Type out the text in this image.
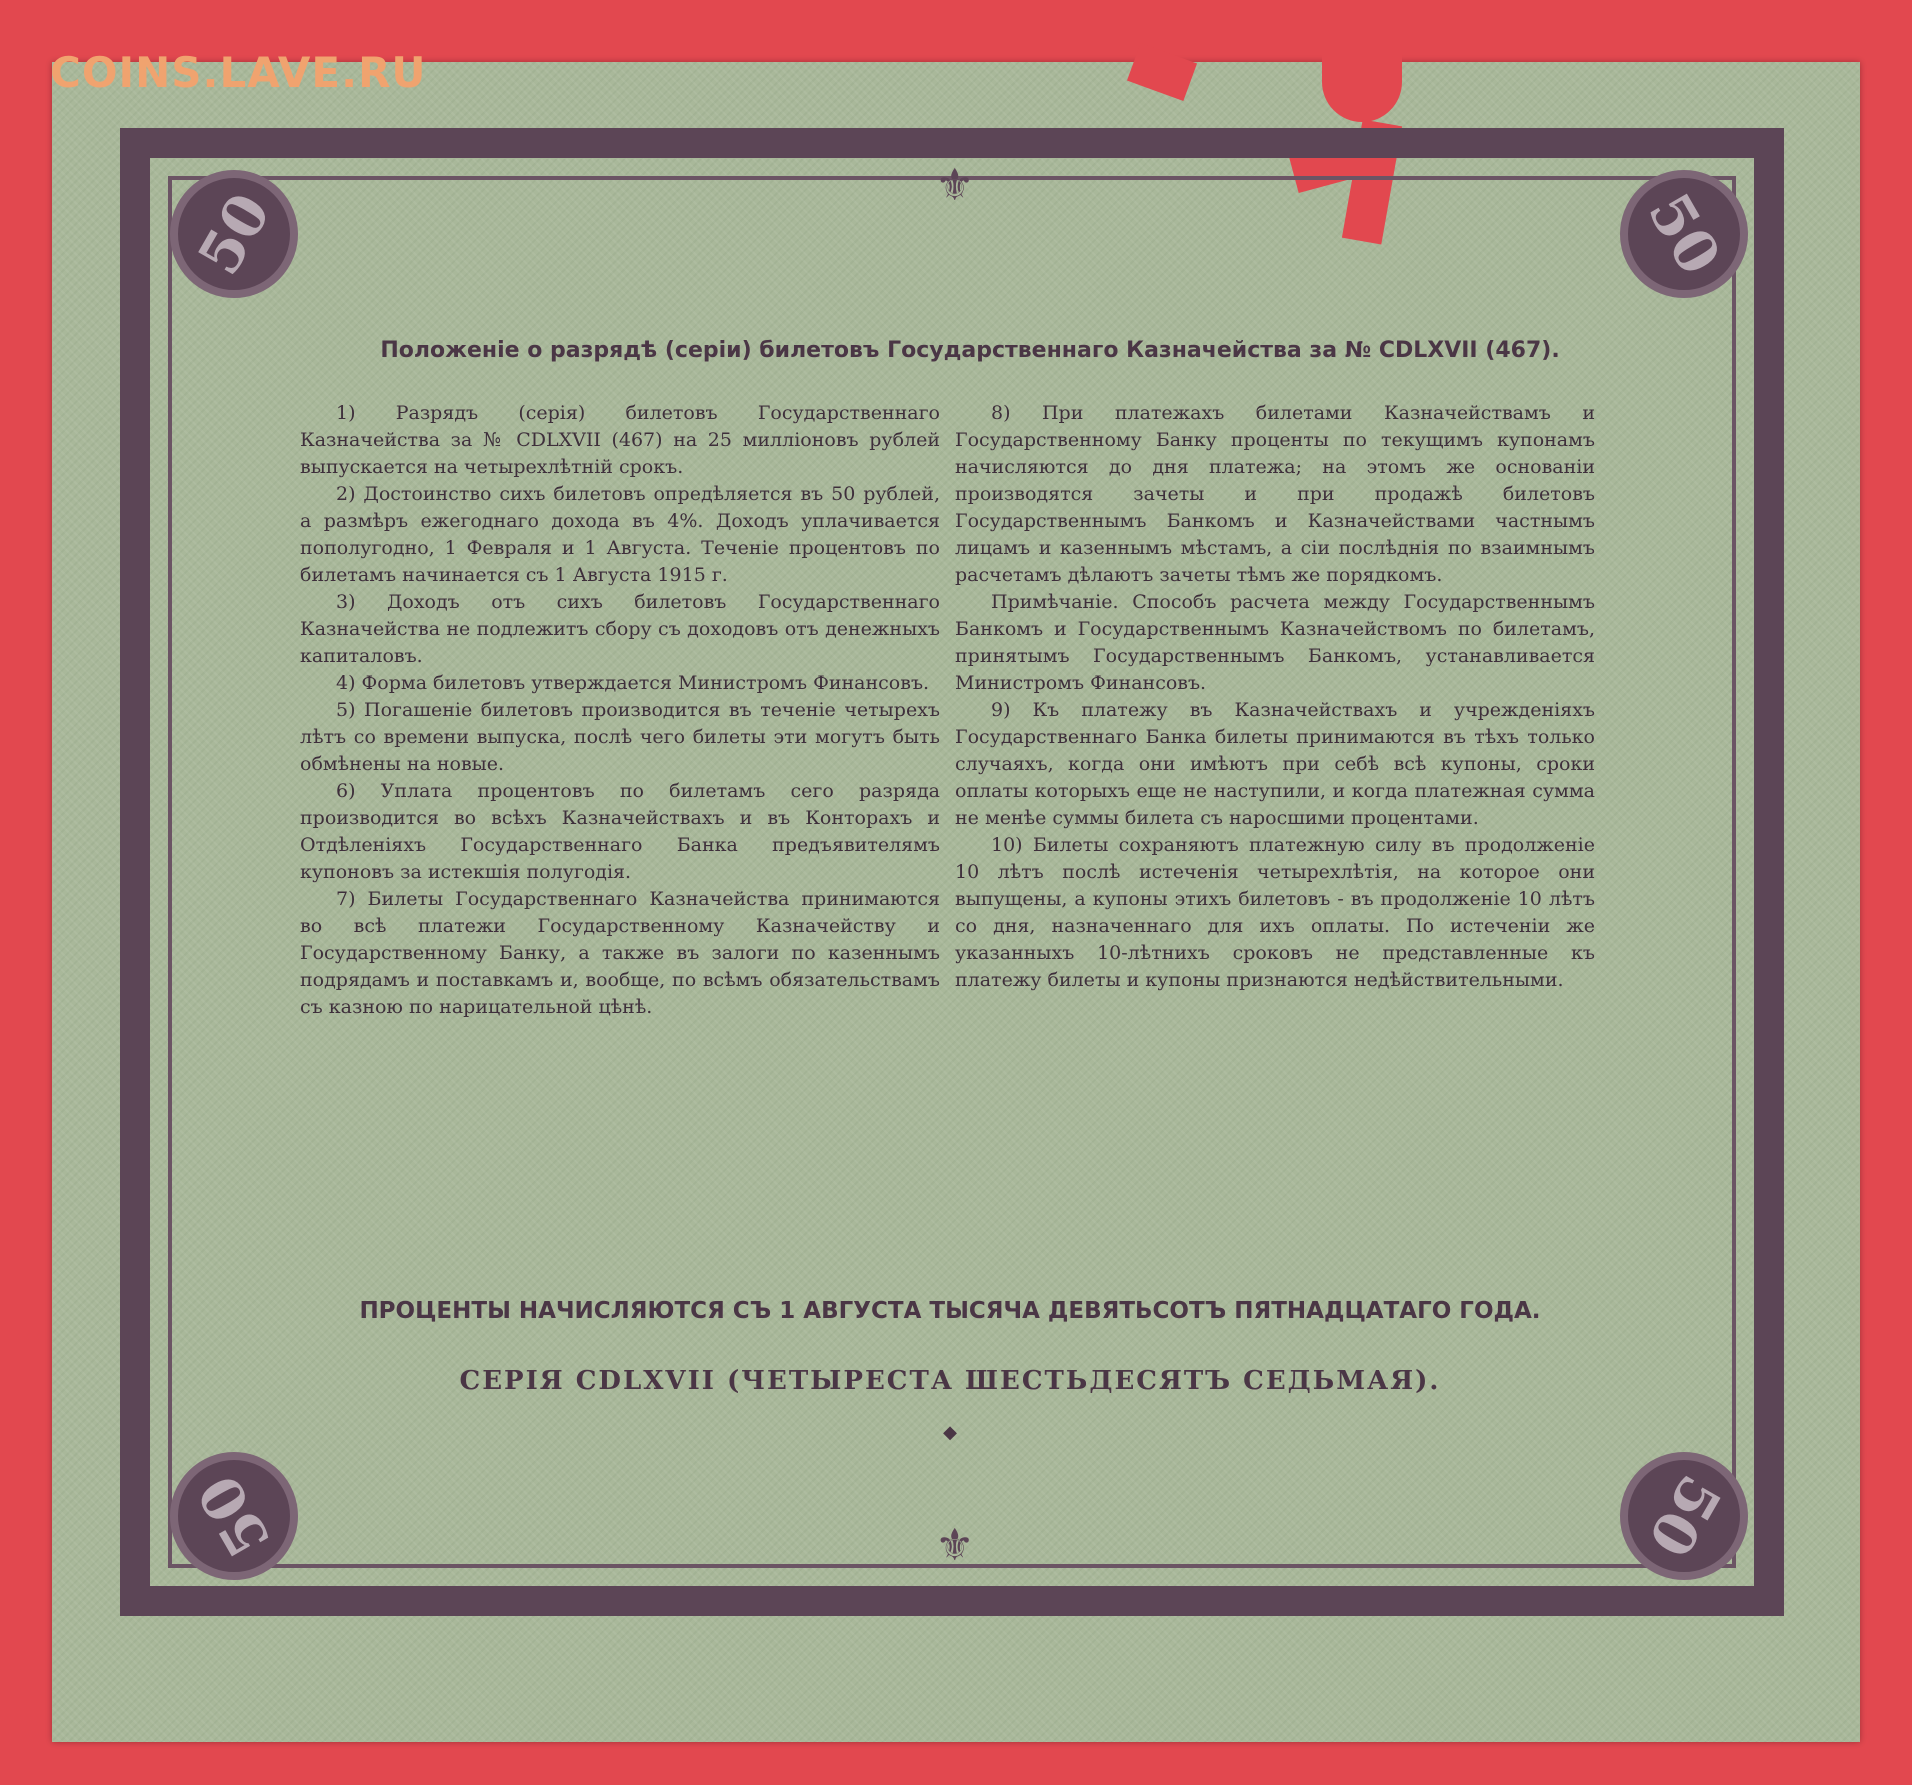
COINS.LAVE.RU
50	50
50	50
⚜
⚜
Положеніе о разрядѣ (серіи) билетовъ Государственнаго Казначейства за № CDLXVII (467).

1) Разрядъ (серія) билетовъ Государственнаго Казначейства за № CDLXVII (467) на 25 милліоновъ рублей выпускается на четырехлѣтній срокъ.

2) Достоинство сихъ билетовъ опредѣляется въ 50 рублей, а размѣръ ежегоднаго дохода въ 4%. Доходъ уплачивается пополугодно, 1 Февраля и 1 Августа. Теченіе процентовъ по билетамъ начинается съ 1 Августа 1915 г.

3) Доходъ отъ сихъ билетовъ Государственнаго Казначейства не подлежитъ сбору съ доходовъ отъ денежныхъ капиталовъ.

4) Форма билетовъ утверждается Министромъ Финансовъ.

5) Погашеніе билетовъ производится въ теченіе четырехъ лѣтъ со времени выпуска, послѣ чего билеты эти могутъ быть обмѣнены на новые.

6) Уплата процентовъ по билетамъ сего разряда производится во всѣхъ Казначействахъ и въ Конторахъ и Отдѣленіяхъ Государственнаго Банка предъявителямъ купоновъ за истекшія полугодія.

7) Билеты Государственнаго Казначейства принимаются во всѣ платежи Государственному Казначейству и Государственному Банку, а также въ залоги по казеннымъ подрядамъ и поставкамъ и, вообще, по всѣмъ обязательствамъ съ казною по нарицательной цѣнѣ.

8) При платежахъ билетами Казначействамъ и Государственному Банку проценты по текущимъ купонамъ начисляются до дня платежа; на этомъ же основаніи производятся зачеты и при продажѣ билетовъ Государственнымъ Банкомъ и Казначействами частнымъ лицамъ и казеннымъ мѣстамъ, а сіи послѣднія по взаимнымъ расчетамъ дѣлаютъ зачеты тѣмъ же порядкомъ.

Примѣчаніе. Способъ расчета между Государственнымъ Банкомъ и Государственнымъ Казначействомъ по билетамъ, принятымъ Государственнымъ Банкомъ, устанавливается Министромъ Финансовъ.

9) Къ платежу въ Казначействахъ и учрежденіяхъ Государственнаго Банка билеты принимаются въ тѣхъ только случаяхъ, когда они имѣютъ при себѣ всѣ купоны, сроки оплаты которыхъ еще не наступили, и когда платежная сумма не менѣе суммы билета съ наросшими процентами.

10) Билеты сохраняютъ платежную силу въ продолженіе 10 лѣтъ послѣ истеченія четырехлѣтія, на которое они выпущены, а купоны этихъ билетовъ - въ продолженіе 10 лѣтъ со дня, назначеннаго для ихъ оплаты. По истеченіи же указанныхъ 10-лѣтнихъ сроковъ не представленные къ платежу билеты и купоны признаются недѣйствительными.

ПРОЦЕНТЫ НАЧИСЛЯЮТСЯ СЪ 1 АВГУСТА ТЫСЯЧА ДЕВЯТЬСОТЪ ПЯТНАДЦАТАГО ГОДА.
СЕРІЯ CDLXVII (ЧЕТЫРЕСТА ШЕСТЬДЕСЯТЪ СЕДЬМАЯ).
◆
